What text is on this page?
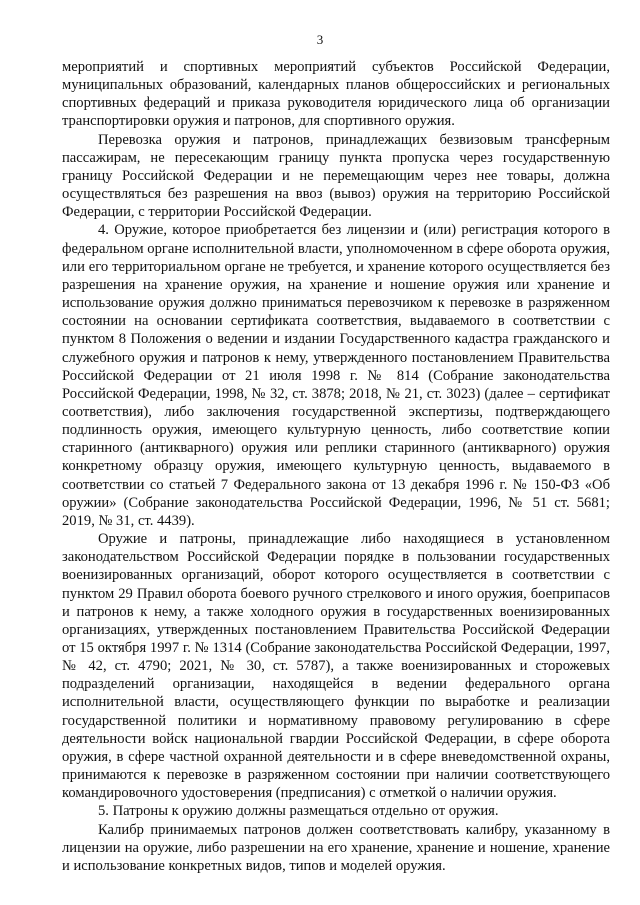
3

мероприятий и спортивных мероприятий субъектов Российской Федерации, муниципальных образований, календарных планов общероссийских и региональных спортивных федераций и приказа руководителя юридического лица об организации транспортировки оружия и патронов, для спортивного оружия.

Перевозка оружия и патронов, принадлежащих безвизовым трансферным пассажирам, не пересекающим границу пункта пропуска через государственную границу Российской Федерации и не перемещающим через нее товары, должна осуществляться без разрешения на ввоз (вывоз) оружия на территорию Российской Федерации, с территории Российской Федерации.

4. Оружие, которое приобретается без лицензии и (или) регистрация которого в федеральном органе исполнительной власти, уполномоченном в сфере оборота оружия, или его территориальном органе не требуется, и хранение которого осуществляется без разрешения на хранение оружия, на хранение и ношение оружия или хранение и использование оружия должно приниматься перевозчиком к перевозке в разряженном состоянии на основании сертификата соответствия, выдаваемого в соответствии с пунктом 8 Положения о ведении и издании Государственного кадастра гражданского и служебного оружия и патронов к нему, утвержденного постановлением Правительства Российской Федерации от 21 июля 1998 г. № 814 (Собрание законодательства Российской Федерации, 1998, № 32, ст. 3878; 2018, № 21, ст. 3023) (далее – сертификат соответствия), либо заключения государственной экспертизы, подтверждающего подлинность оружия, имеющего культурную ценность, либо соответствие копии старинного (антикварного) оружия или реплики старинного (антикварного) оружия конкретному образцу оружия, имеющего культурную ценность, выдаваемого в соответствии со статьей 7 Федерального закона от 13 декабря 1996 г. № 150-ФЗ «Об оружии» (Собрание законодательства Российской Федерации, 1996, № 51 ст. 5681; 2019, № 31, ст. 4439).

Оружие и патроны, принадлежащие либо находящиеся в установленном законодательством Российской Федерации порядке в пользовании государственных военизированных организаций, оборот которого осуществляется в соответствии с пунктом 29 Правил оборота боевого ручного стрелкового и иного оружия, боеприпасов и патронов к нему, а также холодного оружия в государственных военизированных организациях, утвержденных постановлением Правительства Российской Федерации от 15 октября 1997 г. № 1314 (Собрание законодательства Российской Федерации, 1997, № 42, ст. 4790; 2021, № 30, ст. 5787), а также военизированных и сторожевых подразделений организации, находящейся в ведении федерального органа исполнительной власти, осуществляющего функции по выработке и реализации государственной политики и нормативному правовому регулированию в сфере деятельности войск национальной гвардии Российской Федерации, в сфере оборота оружия, в сфере частной охранной деятельности и в сфере вневедомственной охраны, принимаются к перевозке в разряженном состоянии при наличии соответствующего командировочного удостоверения (предписания) с отметкой о наличии оружия.

5. Патроны к оружию должны размещаться отдельно от оружия.

Калибр принимаемых патронов должен соответствовать калибру, указанному в лицензии на оружие, либо разрешении на его хранение, хранение и ношение, хранение и использование конкретных видов, типов и моделей оружия.
